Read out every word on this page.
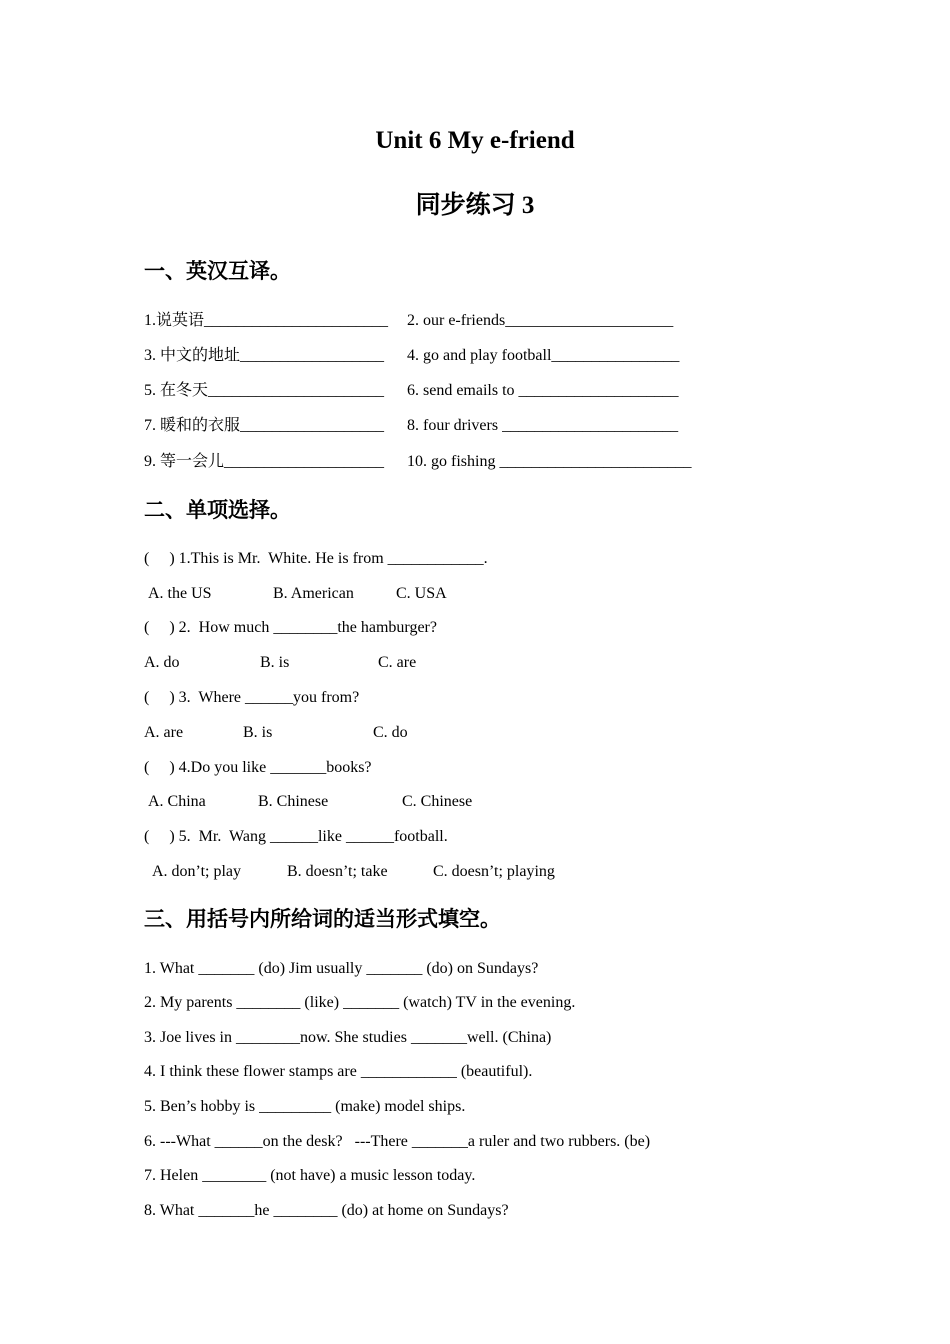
Unit 6 My e-friend
同步练习 3
一、英汉互译。
1.说英语_______________________ 2. our e-friends_____________________
3. 中文的地址__________________ 4. go and play football________________
5. 在冬天______________________ 6. send emails to ____________________
7. 暖和的衣服__________________ 8. four drivers ______________________
9. 等一会儿____________________ 10. go fishing ________________________
二、单项选择。
(     ) 1.This is Mr.  White. He is from ____________.
A. the US	B. American	C. USA
(     ) 2.  How much ________the hamburger?
A. do	B. is	C. are
(     ) 3.  Where ______you from?
A. are	B. is	C. do
(     ) 4.Do you like _______books?
A. China	B. Chinese	C. Chinese
(     ) 5.  Mr.  Wang ______like ______football.
A. don’t; play	B. doesn’t; take	C. doesn’t; playing
三、用括号内所给词的适当形式填空。
1. What _______ (do) Jim usually _______ (do) on Sundays?
2. My parents ________ (like) _______ (watch) TV in the evening.
3. Joe lives in ________now. She studies _______well. (China)
4. I think these flower stamps are ____________ (beautiful).
5. Ben’s hobby is _________ (make) model ships.
6. ---What ______on the desk?   ---There _______a ruler and two rubbers. (be)
7. Helen ________ (not have) a music lesson today.
8. What _______he ________ (do) at home on Sundays?
